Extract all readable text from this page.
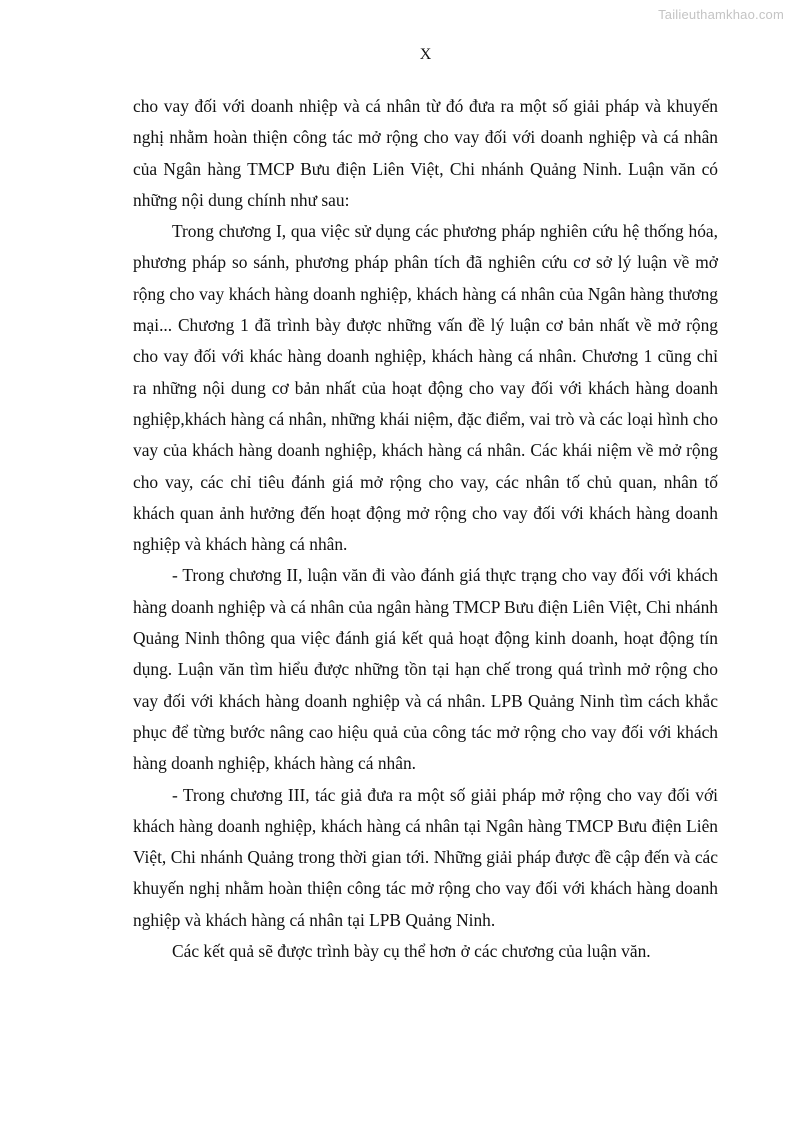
Tailieuthamkhao.com
X

cho vay đối với doanh nhiệp và cá nhân từ đó đưa ra một số giải pháp và khuyến nghị nhằm hoàn thiện công tác mở rộng cho vay đối với doanh nghiệp và cá nhân của Ngân hàng TMCP Bưu điện Liên Việt, Chi nhánh Quảng Ninh. Luận văn có những nội dung chính như sau:

Trong chương I, qua việc sử dụng các phương pháp nghiên cứu hệ thống hóa, phương pháp so sánh, phương pháp phân tích đã nghiên cứu cơ sở lý luận về mở rộng cho vay khách hàng doanh nghiệp, khách hàng cá nhân của Ngân hàng thương mại... Chương 1 đã trình bày được những vấn đề lý luận cơ bản nhất về mở rộng cho vay đối với khác hàng doanh nghiệp, khách hàng cá nhân. Chương 1 cũng chỉ ra những nội dung cơ bản nhất của hoạt động cho vay đối với khách hàng doanh nghiệp,khách hàng cá nhân, những khái niệm, đặc điểm, vai trò và các loại hình cho vay của khách hàng doanh nghiệp, khách hàng cá nhân. Các khái niệm về mở rộng cho vay, các chỉ tiêu đánh giá mở rộng cho vay, các nhân tố chủ quan, nhân tố khách quan ảnh hưởng đến hoạt động mở rộng cho vay đối với khách hàng doanh nghiệp và khách hàng cá nhân.

- Trong chương II, luận văn đi vào đánh giá thực trạng cho vay đối với khách hàng doanh nghiệp và cá nhân của ngân hàng TMCP Bưu điện Liên Việt, Chi nhánh Quảng Ninh thông qua việc đánh giá kết quả hoạt động kinh doanh, hoạt động tín dụng. Luận văn tìm hiểu được những tồn tại hạn chế trong quá trình mở rộng cho vay đối với khách hàng doanh nghiệp và cá nhân. LPB Quảng Ninh tìm cách khắc phục để từng bước nâng cao hiệu quả của công tác mở rộng cho vay đối với khách hàng doanh nghiệp, khách hàng cá nhân.

- Trong chương III, tác giả đưa ra một số giải pháp mở rộng cho vay đối với khách hàng doanh nghiệp, khách hàng cá nhân tại Ngân hàng TMCP Bưu điện Liên Việt, Chi nhánh Quảng trong thời gian tới. Những giải pháp được đề cập đến và các khuyến nghị nhằm hoàn thiện công tác mở rộng cho vay đối với khách hàng doanh nghiệp và khách hàng cá nhân tại LPB Quảng Ninh.

Các kết quả sẽ được trình bày cụ thể hơn ở các chương của luận văn.
